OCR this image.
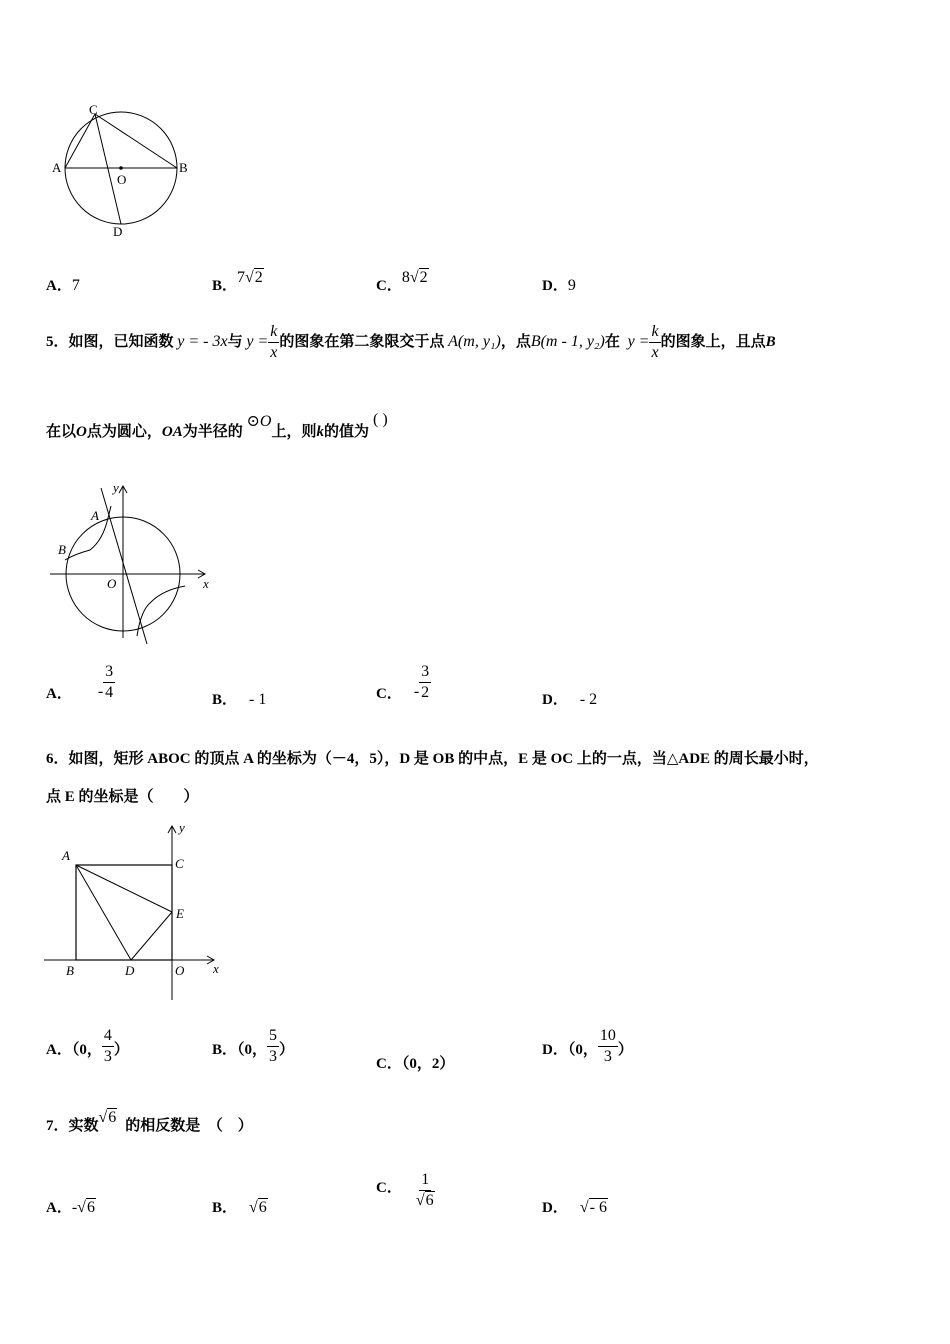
C
A
O
B
D
A．7	B．7√2	C．8√2	D．9
5．如图，已知函数 y = - 3x与 $y = \frac{k}{x}$ 的图象在第二象限交于点 A(m, y₁)，点B(m - 1, y₂)在 $y = \frac{k}{x}$ 的图象上，且点B
在以O点为圆心，OA为半径的 ⊙O上，则k的值为( )
y
A
B
O	x
A． - $\frac{3}{4}$	B． - 1	C． - $\frac{3}{2}$	D． - 2
6．如图，矩形 ABOC 的顶点 A 的坐标为（－4，5），D 是 OB 的中点，E 是 OC 上的一点，当△ADE 的周长最小时，
点 E 的坐标是（　　）
y
A
C
E
B	D	O x
A．（0， $\frac{4}{3}$ ）	B．（0， $\frac{5}{3}$ ）
C．（0，2）
D．（0， $\frac{10}{3}$ ）
7．实数√6 的相反数是　（　）
A．-√6	B． √6
C． $\frac{1}{√6}$	D． √- 6
